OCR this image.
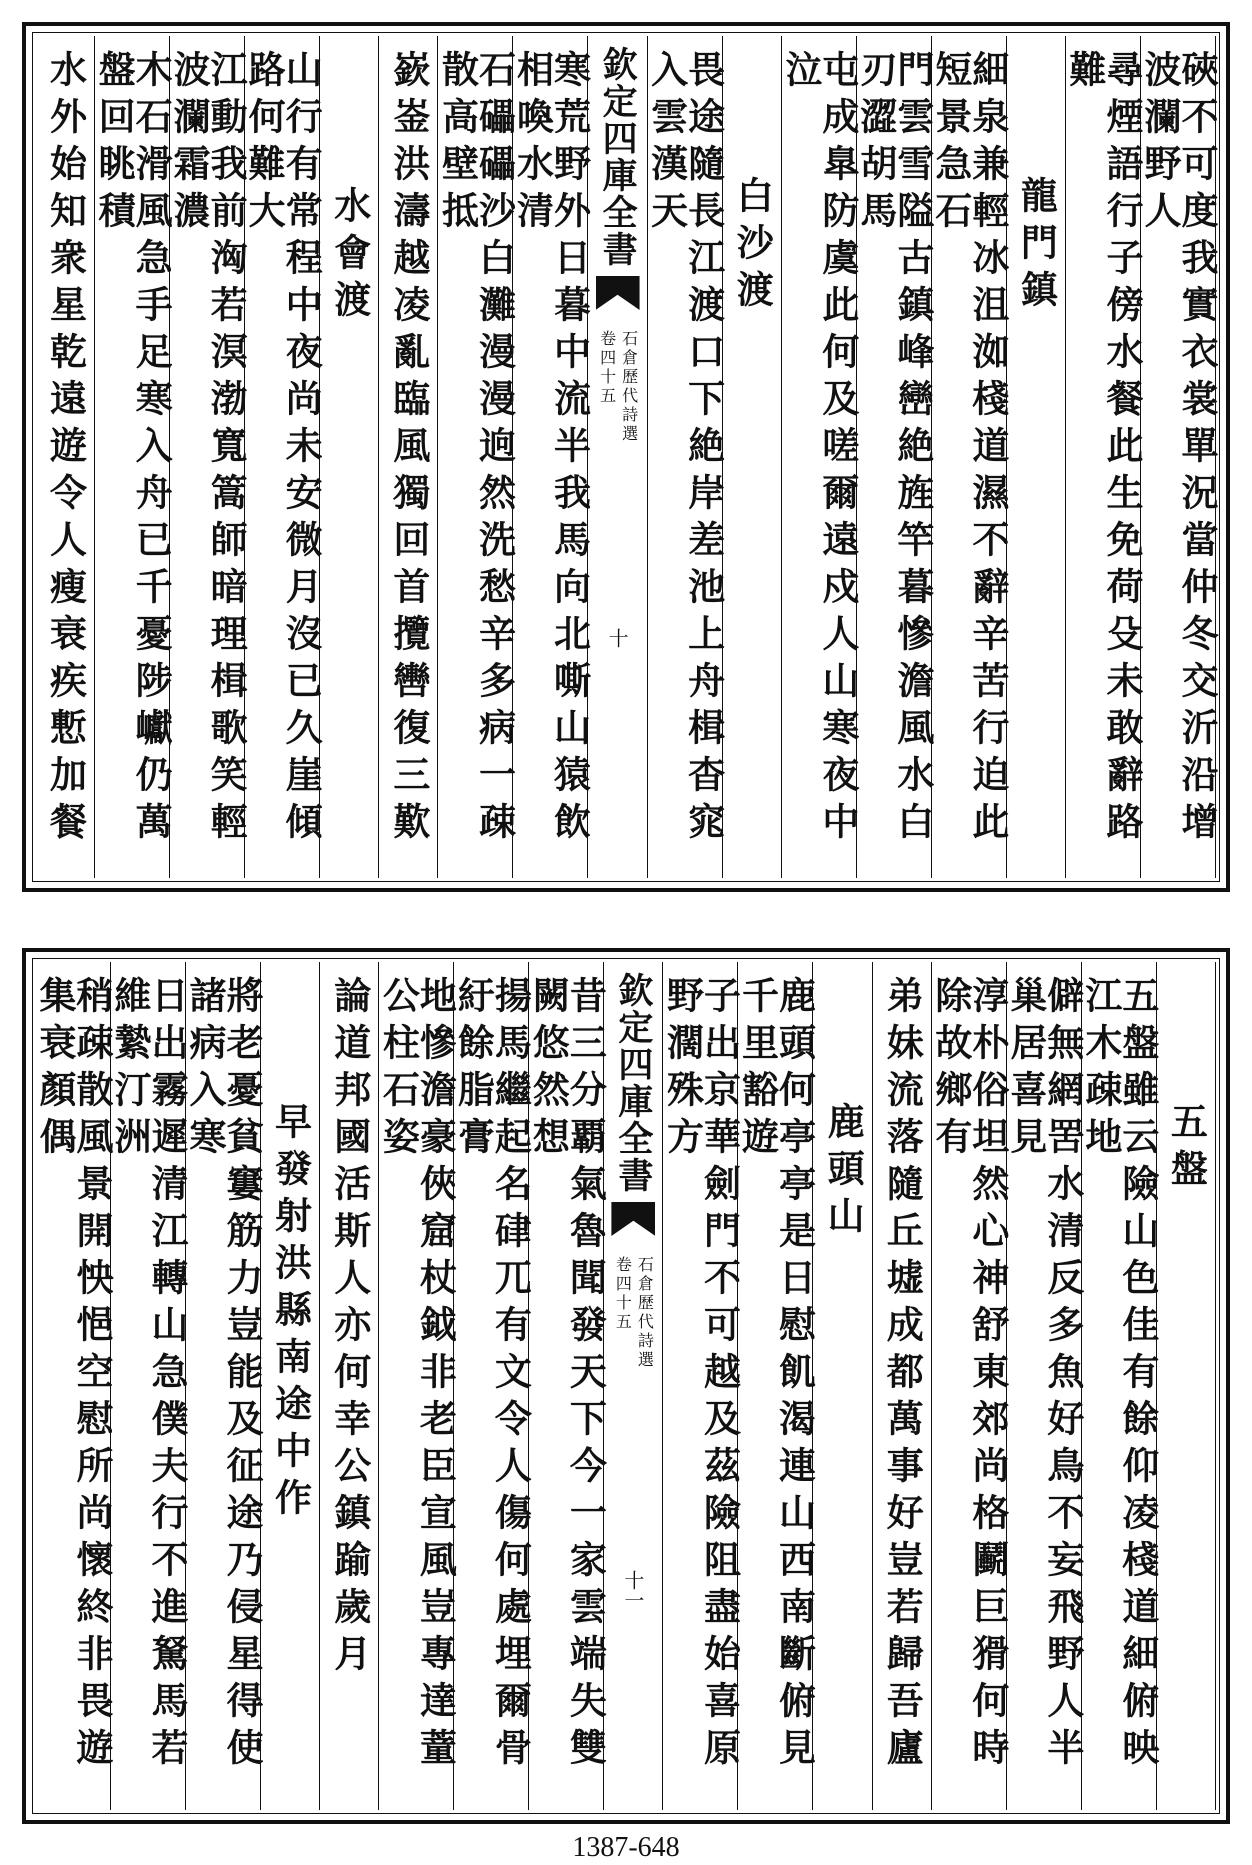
硤不可度我實衣裳單況當仲冬交沂沿增波瀾野人
尋煙語行子傍水餐此生免荷殳未敢辭路難
龍門鎮
細泉兼輕冰沮洳棧道濕不辭辛苦行迫此短景急石
門雲雪隘古鎮峰巒絶旌竿暮慘澹風水白刃澀胡馬
屯成臯防虞此何及嗟爾遠戍人山寒夜中泣
白沙渡
畏途隨長江渡口下絶岸差池上舟楫杳窕入雲漢天
欽定四庫全書
石倉歷代詩選
卷四十五
十
寒荒野外日暮中流半我馬向北嘶山猿飲相喚水清
石礧礧沙白灘漫漫逈然洗愁辛多病一疎散高壁抵
嶔崟洪濤越凌亂臨風獨回首攬轡復三歎
水會渡
山行有常程中夜尚未安微月沒已久崖傾路何難大
江動我前洶若溟渤寬篙師暗理楫歌笑輕波瀾霜濃
木石滑風急手足寒入舟已千憂陟巘仍萬盤回眺積
水外始知衆星乾遠遊令人瘦衰疾慙加餐
五盤
五盤雖云險山色佳有餘仰凌棧道細俯映江木疎地
僻無網罟水清反多魚好鳥不妄飛野人半巢居喜見
淳朴俗坦然心神舒東郊尚格鬬巨猾何時除故鄉有
弟妹流落隨丘墟成都萬事好豈若歸吾廬
鹿頭山
鹿頭何亭亭是日慰飢渴連山西南斷俯見千里豁遊
子出京華劍門不可越及茲險阻盡始喜原野濶殊方
欽定四庫全書
石倉歷代詩選
卷四十五
十一
昔三分覇氣魯聞發天下今一家雲端失雙闕悠然想
揚馬繼起名硉兀有文令人傷何處埋爾骨紆餘脂膏
地慘澹豪俠窟杖鉞非老臣宣風豈專達蕫公柱石姿
論道邦國活斯人亦何幸公鎮踰歲月
早發射洪縣南途中作
將老憂貧窶筋力豈能及征途乃侵星得使諸病入寒
日出霧遲清江轉山急僕夫行不進駑馬若維縶汀洲
稍疎散風景開怏悒空慰所尚懷終非畏遊集衰顏偶
1387-648
